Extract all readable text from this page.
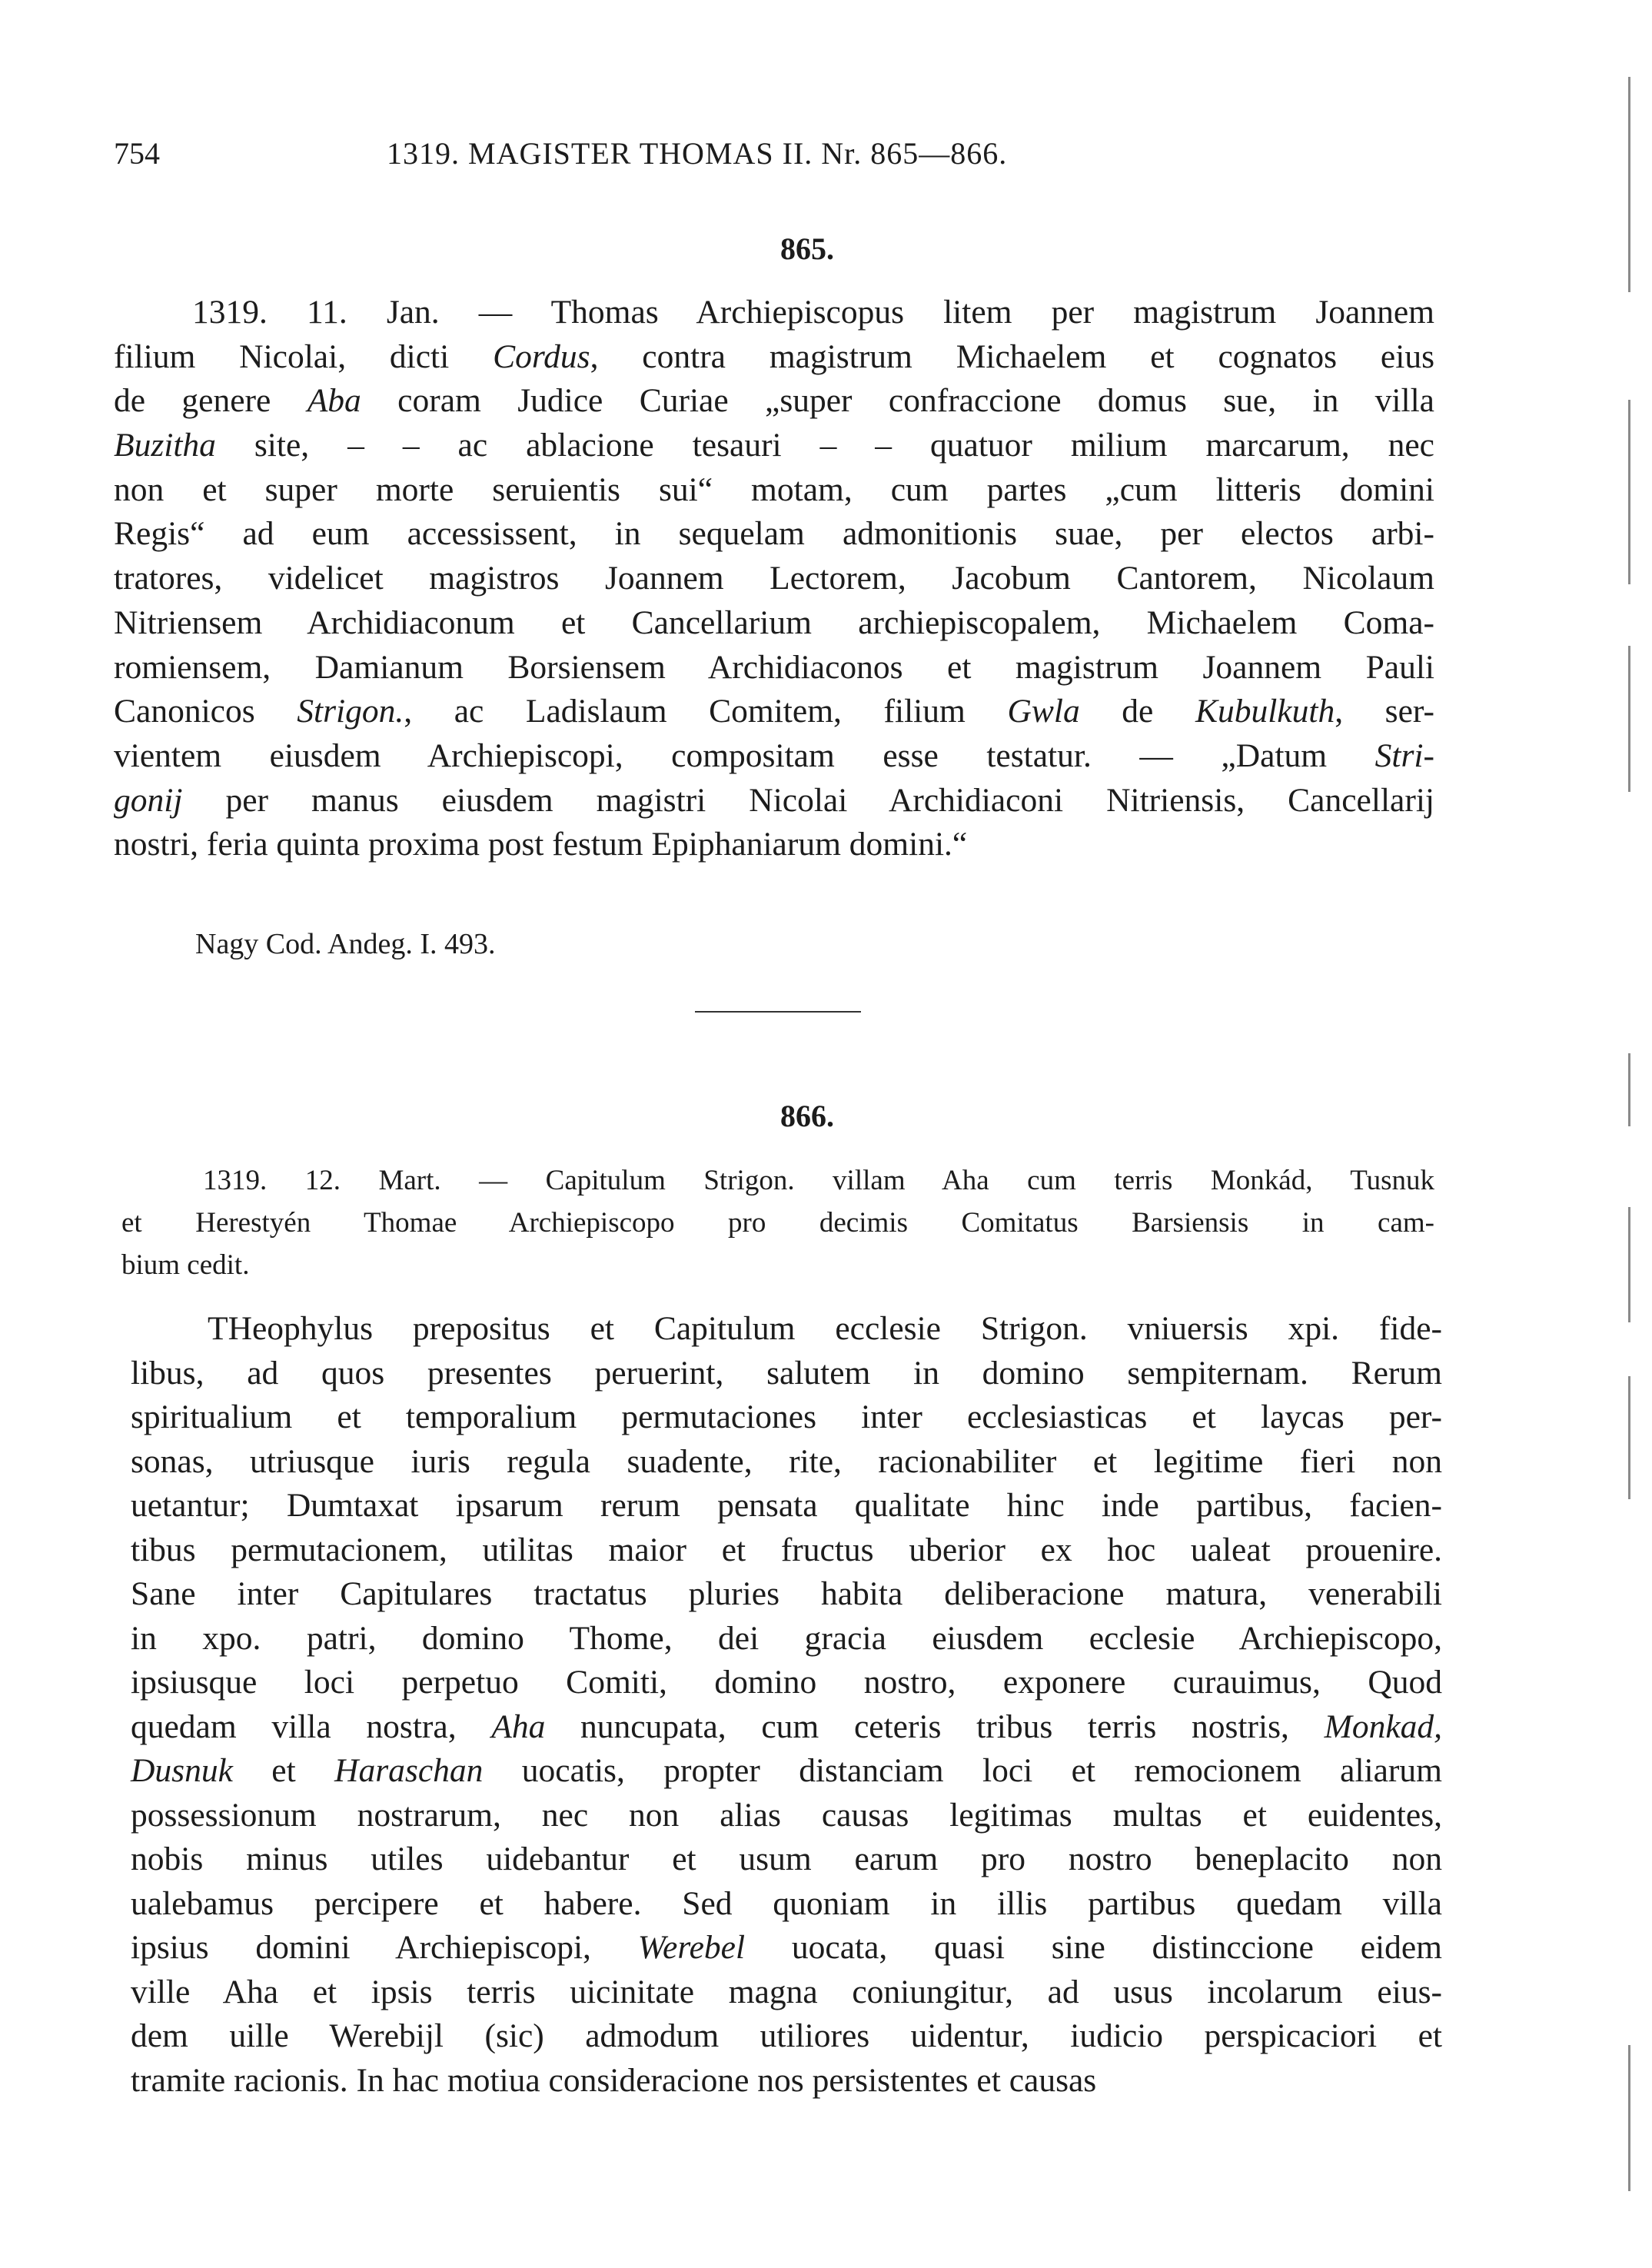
754	1319. MAGISTER THOMAS II. Nr. 865—866.
865.
1319. 11. Jan. — Thomas Archiepiscopus litem per magistrum Joannem
filium Nicolai, dicti Cordus, contra magistrum Michaelem et cognatos eius
de genere Aba coram Judice Curiae „super confraccione domus sue, in villa
Buzitha site, – – ac ablacione tesauri – – quatuor milium marcarum, nec
non et super morte seruientis sui“ motam, cum partes „cum litteris domini
Regis“ ad eum accessissent, in sequelam admonitionis suae, per electos arbi-
tratores, videlicet magistros Joannem Lectorem, Jacobum Cantorem, Nicolaum
Nitriensem Archidiaconum et Cancellarium archiepiscopalem, Michaelem Coma-
romiensem, Damianum Borsiensem Archidiaconos et magistrum Joannem Pauli
Canonicos Strigon., ac Ladislaum Comitem, filium Gwla de Kubulkuth, ser-
vientem eiusdem Archiepiscopi, compositam esse testatur. — „Datum Stri-
gonij per manus eiusdem magistri Nicolai Archidiaconi Nitriensis, Cancellarij
nostri, feria quinta proxima post festum Epiphaniarum domini.“
Nagy Cod. Andeg. I. 493.
866.
1319. 12. Mart. — Capitulum Strigon. villam Aha cum terris Monkád, Tusnuk
et Herestyén Thomae Archiepiscopo pro decimis Comitatus Barsiensis in cam-
bium cedit.
THeophylus prepositus et Capitulum ecclesie Strigon. vniuersis xpi. fide-
libus, ad quos presentes peruerint, salutem in domino sempiternam. Rerum
spiritualium et temporalium permutaciones inter ecclesiasticas et laycas per-
sonas, utriusque iuris regula suadente, rite, racionabiliter et legitime fieri non
uetantur; Dumtaxat ipsarum rerum pensata qualitate hinc inde partibus, facien-
tibus permutacionem, utilitas maior et fructus uberior ex hoc ualeat prouenire.
Sane inter Capitulares tractatus pluries habita deliberacione matura, venerabili
in xpo. patri, domino Thome, dei gracia eiusdem ecclesie Archiepiscopo,
ipsiusque loci perpetuo Comiti, domino nostro, exponere curauimus, Quod
quedam villa nostra, Aha nuncupata, cum ceteris tribus terris nostris, Monkad,
Dusnuk et Haraschan uocatis, propter distanciam loci et remocionem aliarum
possessionum nostrarum, nec non alias causas legitimas multas et euidentes,
nobis minus utiles uidebantur et usum earum pro nostro beneplacito non
ualebamus percipere et habere. Sed quoniam in illis partibus quedam villa
ipsius domini Archiepiscopi, Werebel uocata, quasi sine distinccione eidem
ville Aha et ipsis terris uicinitate magna coniungitur, ad usus incolarum eius-
dem uille Werebijl (sic) admodum utiliores uidentur, iudicio perspicaciori et
tramite racionis. In hac motiua consideracione nos persistentes et causas
